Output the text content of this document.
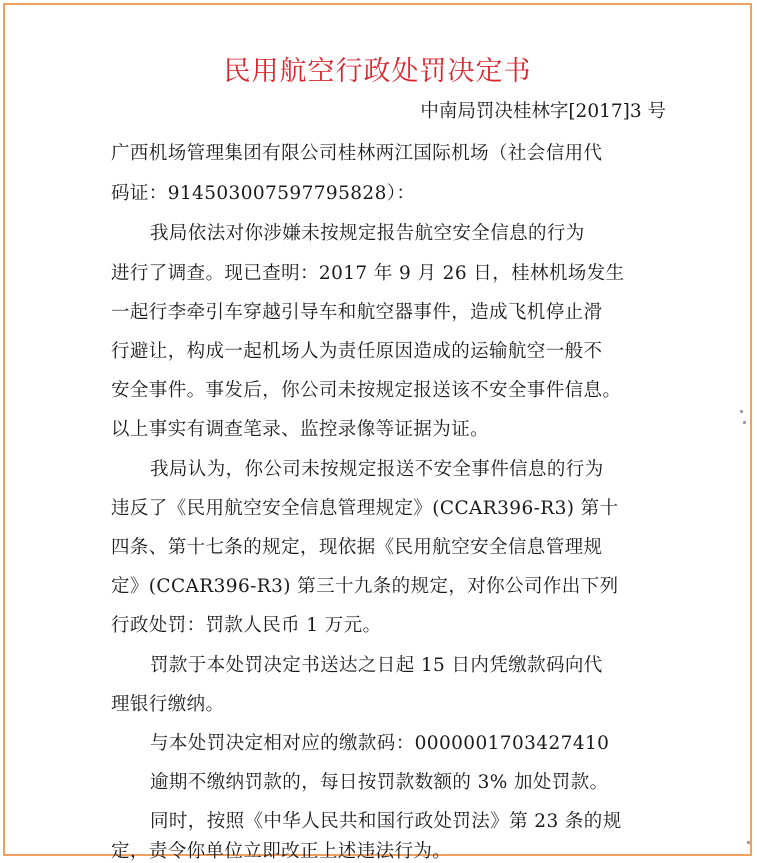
民用航空行政处罚决定书
中南局罚决桂林字[2017]3 号
广西机场管理集团有限公司桂林两江国际机场（社会信用代
码证：914503007597795828）：
我局依法对你涉嫌未按规定报告航空安全信息的行为
进行了调查。现已查明：2017 年 9 月 26 日，桂林机场发生
一起行李牵引车穿越引导车和航空器事件，造成飞机停止滑
行避让，构成一起机场人为责任原因造成的运输航空一般不
安全事件。事发后，你公司未按规定报送该不安全事件信息。
以上事实有调查笔录、监控录像等证据为证。
我局认为，你公司未按规定报送不安全事件信息的行为
违反了《民用航空安全信息管理规定》(CCAR396-R3) 第十
四条、第十七条的规定，现依据《民用航空安全信息管理规
定》(CCAR396-R3) 第三十九条的规定，对你公司作出下列
行政处罚：罚款人民币 1 万元。
罚款于本处罚决定书送达之日起 15 日内凭缴款码向代
理银行缴纳。
与本处罚决定相对应的缴款码：0000001703427410
逾期不缴纳罚款的，每日按罚款数额的 3% 加处罚款。
同时，按照《中华人民共和国行政处罚法》第 23 条的规
定，责令你单位立即改正上述违法行为。
